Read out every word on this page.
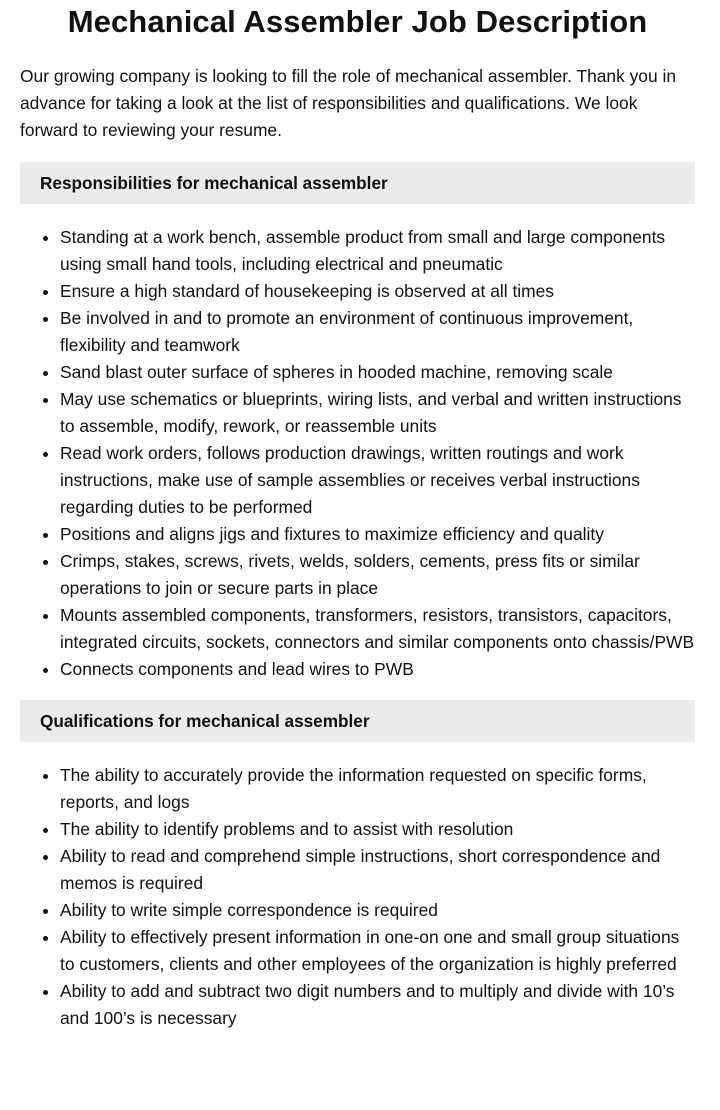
Mechanical Assembler Job Description

Our growing company is looking to fill the role of mechanical assembler. Thank you in advance for taking a look at the list of responsibilities and qualifications. We look forward to reviewing your resume.

Responsibilities for mechanical assembler
• Standing at a work bench, assemble product from small and large components using small hand tools, including electrical and pneumatic
• Ensure a high standard of housekeeping is observed at all times
• Be involved in and to promote an environment of continuous improvement, flexibility and teamwork
• Sand blast outer surface of spheres in hooded machine, removing scale
• May use schematics or blueprints, wiring lists, and verbal and written instructions to assemble, modify, rework, or reassemble units
• Read work orders, follows production drawings, written routings and work instructions, make use of sample assemblies or receives verbal instructions regarding duties to be performed
• Positions and aligns jigs and fixtures to maximize efficiency and quality
• Crimps, stakes, screws, rivets, welds, solders, cements, press fits or similar operations to join or secure parts in place
• Mounts assembled components, transformers, resistors, transistors, capacitors, integrated circuits, sockets, connectors and similar components onto chassis/PWB
• Connects components and lead wires to PWB
Qualifications for mechanical assembler
• The ability to accurately provide the information requested on specific forms, reports, and logs
• The ability to identify problems and to assist with resolution
• Ability to read and comprehend simple instructions, short correspondence and memos is required
• Ability to write simple correspondence is required
• Ability to effectively present information in one-on one and small group situations to customers, clients and other employees of the organization is highly preferred
• Ability to add and subtract two digit numbers and to multiply and divide with 10’s and 100’s is necessary
